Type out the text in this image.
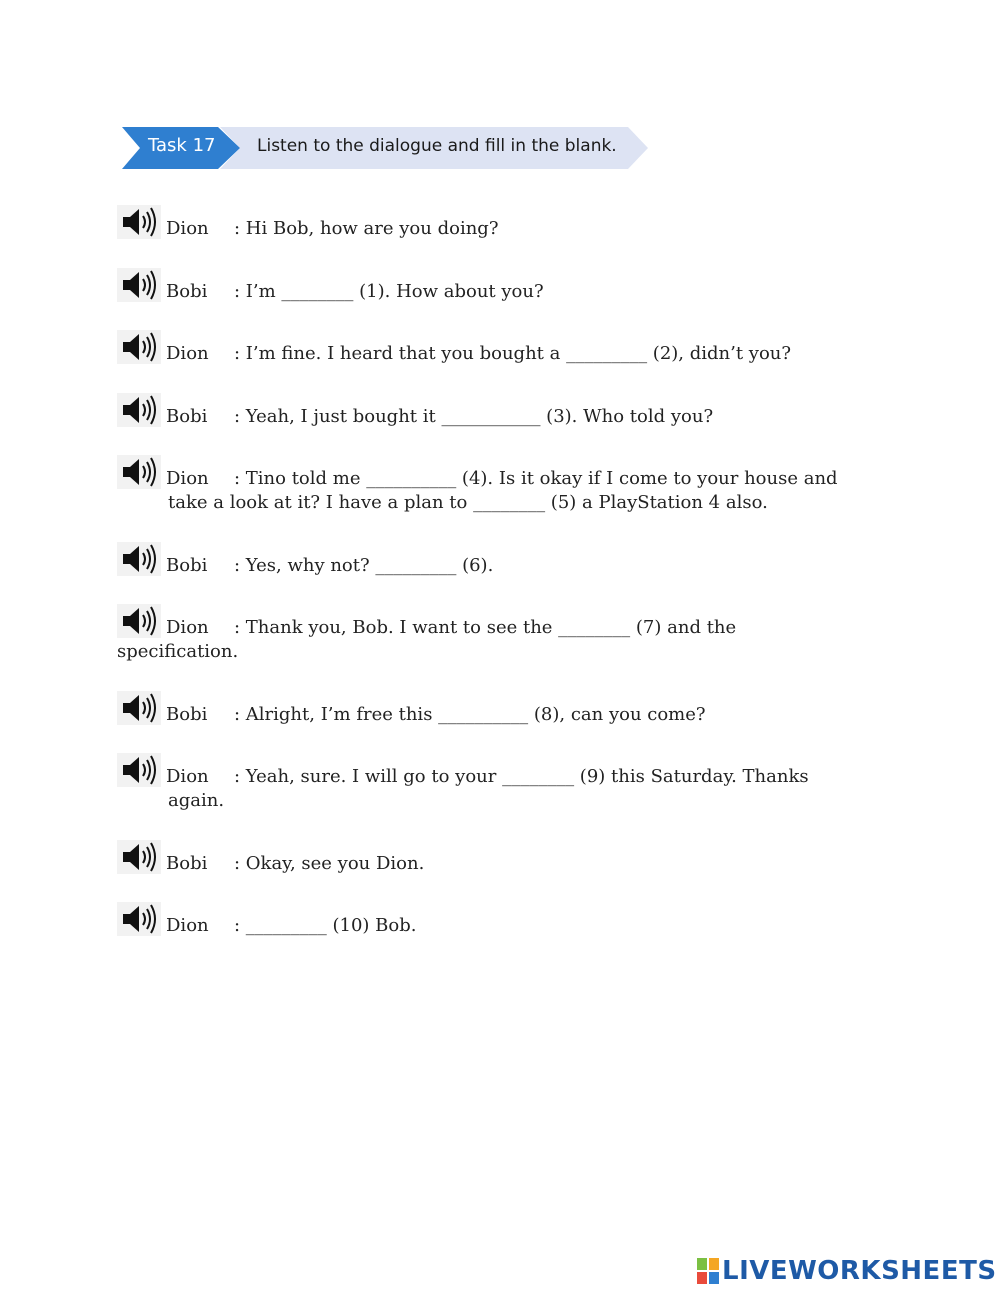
Task 17 Listen to the dialogue and fill in the blank.
Dion : Hi Bob, how are you doing?
Bobi : I’m ________ (1). How about you?
Dion : I’m fine. I heard that you bought a _________ (2), didn’t you?
Bobi : Yeah, I just bought it ___________ (3). Who told you?
Dion : Tino told me __________ (4). Is it okay if I come to your house and
take a look at it? I have a plan to ________ (5) a PlayStation 4 also.
Bobi : Yes, why not? _________ (6).
Dion : Thank you, Bob. I want to see the ________ (7) and the
specification.
Bobi : Alright, I’m free this __________ (8), can you come?
Dion : Yeah, sure. I will go to your ________ (9) this Saturday. Thanks
again.
Bobi : Okay, see you Dion.
Dion : _________ (10) Bob.
LIVEWORKSHEETS
